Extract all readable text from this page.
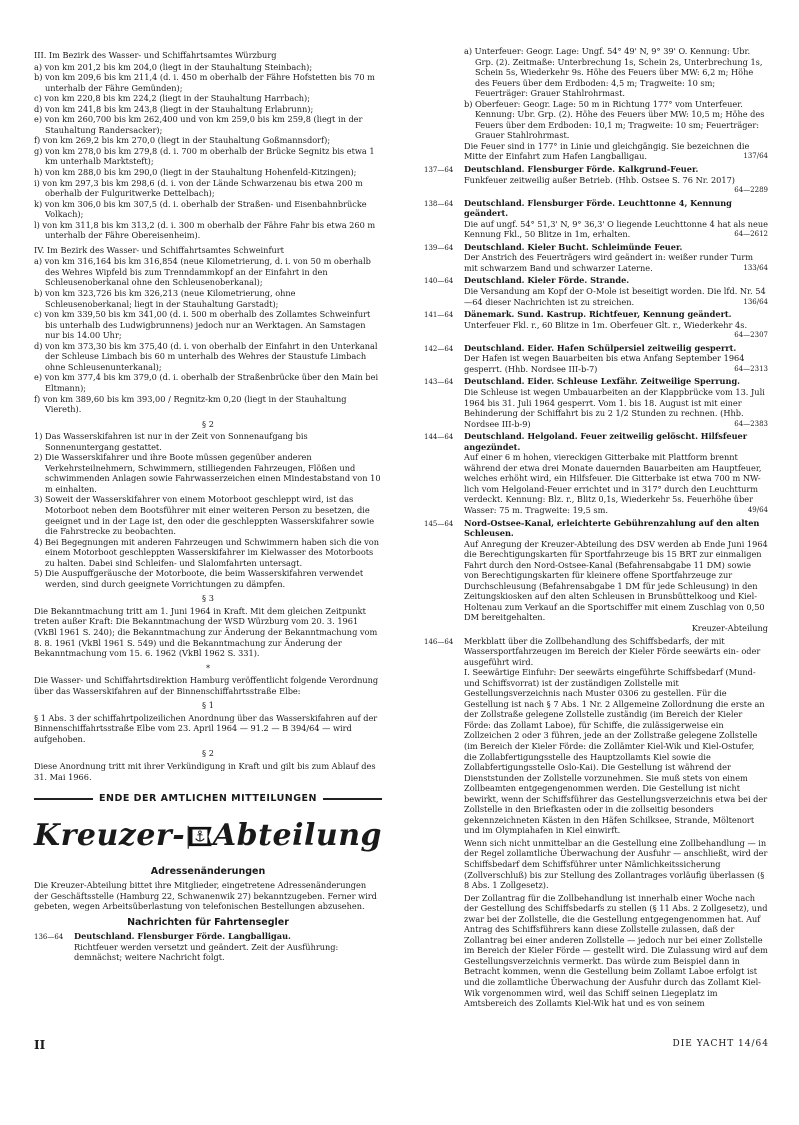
III. Im Bezirk des Wasser- und Schiffahrtsamtes Würzburg

a) von km 201,2 bis km 204,0 (liegt in der Stauhaltung Steinbach);

b) von km 209,6 bis km 211,4 (d. i. 450 m oberhalb der Fähre Hofstetten bis 70 m unterhalb der Fähre Gemünden);

c) von km 220,8 bis km 224,2 (liegt in der Stauhaltung Harrbach);

d) von km 241,8 bis km 243,8 (liegt in der Stauhaltung Erlabrunn);

e) von km 260,700 bis km 262,400 und von km 259,0 bis km 259,8 (liegt in der Stauhaltung Randersacker);

f) von km 269,2 bis km 270,0 (liegt in der Stauhaltung Goßmannsdorf);

g) von km 278,0 bis km 279,8 (d. i. 700 m oberhalb der Brücke Segnitz bis etwa 1 km unterhalb Marktsteft);

h) von km 288,0 bis km 290,0 (liegt in der Stauhaltung Hohenfeld-Kitzingen);

i) von km 297,3 bis km 298,6 (d. i. von der Lände Schwarzenau bis etwa 200 m oberhalb der Fulguritwerke Dettelbach);

k) von km 306,0 bis km 307,5 (d. i. oberhalb der Straßen- und Eisenbahnbrücke Volkach);

l) von km 311,8 bis km 313,2 (d. i. 300 m oberhalb der Fähre Fahr bis etwa 260 m unterhalb der Fähre Obereisenheim).

IV. Im Bezirk des Wasser- und Schiffahrtsamtes Schweinfurt

a) von km 316,164 bis km 316,854 (neue Kilometrierung, d. i. von 50 m oberhalb des Wehres Wipfeld bis zum Trenndammkopf an der Einfahrt in den Schleusenoberkanal ohne den Schleusenoberkanal);

b) von km 323,726 bis km 326,213 (neue Kilometrierung, ohne Schleusenoberkanal; liegt in der Stauhaltung Garstadt);

c) von km 339,50 bis km 341,00 (d. i. 500 m oberhalb des Zollamtes Schweinfurt bis unterhalb des Ludwigbrunnens) jedoch nur an Werktagen. An Samstagen nur bis 14.00 Uhr;

d) von km 373,30 bis km 375,40 (d. i. von oberhalb der Einfahrt in den Unterkanal der Schleuse Limbach bis 60 m unterhalb des Wehres der Staustufe Limbach ohne Schleusenunterkanal);

e) von km 377,4 bis km 379,0 (d. i. oberhalb der Straßenbrücke über den Main bei Eltmann);

f) von km 389,60 bis km 393,00 / Regnitz-km 0,20 (liegt in der Stauhaltung Viereth).

§ 2

1) Das Wasserskifahren ist nur in der Zeit von Sonnenaufgang bis Sonnenuntergang gestattet.

2) Die Wasserskifahrer und ihre Boote müssen gegenüber anderen Verkehrsteilnehmern, Schwimmern, stilliegenden Fahrzeugen, Flößen und schwimmenden Anlagen sowie Fahrwasserzeichen einen Mindestabstand von 10 m einhalten.

3) Soweit der Wasserskifahrer von einem Motorboot geschleppt wird, ist das Motorboot neben dem Bootsführer mit einer weiteren Person zu besetzen, die geeignet und in der Lage ist, den oder die geschleppten Wasserskifahrer sowie die Fahrstrecke zu beobachten.

4) Bei Begegnungen mit anderen Fahrzeugen und Schwimmern haben sich die von einem Motorboot geschleppten Wasserskifahrer im Kielwasser des Motorboots zu halten. Dabei sind Schleifen- und Slalomfahrten untersagt.

5) Die Auspuffgeräusche der Motorboote, die beim Wasserskifahren verwendet werden, sind durch geeignete Vorrichtungen zu dämpfen.

§ 3

Die Bekanntmachung tritt am 1. Juni 1964 in Kraft. Mit dem gleichen Zeitpunkt treten außer Kraft: Die Bekanntmachung der WSD Würzburg vom 20. 3. 1961 (VkBl 1961 S. 240); die Bekanntmachung zur Änderung der Bekanntmachung vom 8. 8. 1961 (VkBl 1961 S. 549) und die Bekanntmachung zur Änderung der Bekanntmachung vom 15. 6. 1962 (VkBl 1962 S. 331).

*

Die Wasser- und Schiffahrtsdirektion Hamburg veröffentlicht folgende Verordnung über das Wasserskifahren auf der Binnenschiffahrtsstraße Elbe:

§ 1

§ 1 Abs. 3 der schiffahrtpolizeilichen Anordnung über das Wasserskifahren auf der Binnenschiffahrtsstraße Elbe vom 23. April 1964 — 91.2 — B 394/64 — wird aufgehoben.

§ 2

Diese Anordnung tritt mit ihrer Verkündigung in Kraft und gilt bis zum Ablauf des 31. Mai 1966.

ENDE DER AMTLICHEN MITTEILUNGEN
Kreuzer- Abteilung
Adressenänderungen

Die Kreuzer-Abteilung bittet ihre Mitglieder, eingetretene Adressenänderungen der Geschäftsstelle (Hamburg 22, Schwanenwik 27) bekanntzugeben. Ferner wird gebeten, wegen Arbeitsüberlastung von telefonischen Bestellungen abzusehen.

Nachrichten für Fahrtensegler
136—64	Deutschland. Flensburger Förde. Langballigau.
Richtfeuer werden versetzt und geändert. Zeit der Ausführung: demnächst; weitere Nachricht folgt.

a) Unterfeuer: Geogr. Lage: Ungf. 54° 49' N, 9° 39' O. Kennung: Ubr. Grp. (2). Zeitmaße: Unterbrechung 1s, Schein 2s, Unterbrechung 1s, Schein 5s, Wiederkehr 9s. Höhe des Feuers über MW: 6,2 m; Höhe des Feuers über dem Erdboden: 4,5 m; Tragweite: 10 sm; Feuerträger: Grauer Stahlrohrmast.

b) Oberfeuer: Geogr. Lage: 50 m in Richtung 177° vom Unterfeuer. Kennung: Ubr. Grp. (2). Höhe des Feuers über MW: 10,5 m; Höhe des Feuers über dem Erdboden: 10,1 m; Tragweite: 10 sm; Feuerträger: Grauer Stahlrohrmast.

Die Feuer sind in 177° in Linie und gleichgängig. Sie bezeichnen die Mitte der Einfahrt zum Hafen Langballigau.	137/64

137—64	Deutschland. Flensburger Förde. Kalkgrund-Feuer.
Funkfeuer zeitweilig außer Betrieb. (Hhb. Ostsee S. 76 Nr. 2017)
64—2289
138—64	Deutschland. Flensburger Förde. Leuchttonne 4, Kennung geändert.
Die auf ungf. 54° 51,3' N, 9° 36,3' O liegende Leuchttonne 4 hat als neue Kennung Fkl., 50 Blitze in 1m, erhalten.	64—2612
139—64	Deutschland. Kieler Bucht. Schleimünde Feuer.
Der Anstrich des Feuerträgers wird geändert in: weißer runder Turm mit schwarzem Band und schwarzer Laterne.	133/64
140—64	Deutschland. Kieler Förde. Strande.
Die Versandung am Kopf der O-Mole ist beseitigt worden. Die lfd. Nr. 54—64 dieser Nachrichten ist zu streichen.	136/64
141—64	Dänemark. Sund. Kastrup. Richtfeuer, Kennung geändert.
Unterfeuer Fkl. r., 60 Blitze in 1m. Oberfeuer Glt. r., Wiederkehr 4s.
64—2307
142—64	Deutschland. Eider. Hafen Schülpersiel zeitweilig gesperrt.
Der Hafen ist wegen Bauarbeiten bis etwa Anfang September 1964 gesperrt. (Hhb. Nordsee III-b-7)	64—2313
143—64	Deutschland. Eider. Schleuse Lexfähr. Zeitweilige Sperrung.
Die Schleuse ist wegen Umbauarbeiten an der Klappbrücke vom 13. Juli 1964 bis 31. Juli 1964 gesperrt. Vom 1. bis 18. August ist mit einer Behinderung der Schiffahrt bis zu 2 1/2 Stunden zu rechnen. (Hhb. Nordsee III-b-9)	64—2383
144—64	Deutschland. Helgoland. Feuer zeitweilig gelöscht. Hilfsfeuer angezündet.
Auf einer 6 m hohen, viereckigen Gitterbake mit Plattform brennt während der etwa drei Monate dauernden Bauarbeiten am Hauptfeuer, welches erhöht wird, ein Hilfsfeuer. Die Gitterbake ist etwa 700 m NW-lich vom Helgoland-Feuer errichtet und in 317° durch den Leuchtturm verdeckt. Kennung: Blz. r., Blitz 0,1s, Wiederkehr 5s. Feuerhöhe über Wasser: 75 m. Tragweite: 19,5 sm.	49/64
145—64	Nord-Ostsee-Kanal, erleichterte Gebührenzahlung auf den alten Schleusen.
Auf Anregung der Kreuzer-Abteilung des DSV werden ab Ende Juni 1964 die Berechtigungskarten für Sportfahrzeuge bis 15 BRT zur einmaligen Fahrt durch den Nord-Ostsee-Kanal (Befahrensabgabe 11 DM) sowie von Berechtigungskarten für kleinere offene Sportfahrzeuge zur Durchschleusung (Befahrensabgabe 1 DM für jede Schleusung) in den Zeitungskiosken auf den alten Schleusen in Brunsbüttelkoog und Kiel-Holtenau zum Verkauf an die Sportschiffer mit einem Zuschlag von 0,50 DM bereitgehalten.
Kreuzer-Abteilung
146—64	Merkblatt über die Zollbehandlung des Schiffsbedarfs, der mit Wassersportfahrzeugen im Bereich der Kieler Förde seewärts ein- oder ausgeführt wird.

I. Seewärtige Einfuhr: Der seewärts eingeführte Schiffsbedarf (Mund- und Schiffsvorrat) ist der zuständigen Zollstelle mit Gestellungsverzeichnis nach Muster 0306 zu gestellen. Für die Gestellung ist nach § 7 Abs. 1 Nr. 2 Allgemeine Zollordnung die erste an der Zollstraße gelegene Zollstelle zuständig (im Bereich der Kieler Förde: das Zollamt Laboe), für Schiffe, die zulässigerweise ein Zollzeichen 2 oder 3 führen, jede an der Zollstraße gelegene Zollstelle (im Bereich der Kieler Förde: die Zollämter Kiel-Wik und Kiel-Ostufer, die Zollabfertigungsstelle des Hauptzollamts Kiel sowie die Zollabfertigungsstelle Oslo-Kai). Die Gestellung ist während der Dienststunden der Zollstelle vorzunehmen. Sie muß stets von einem Zollbeamten entgegengenommen werden. Die Gestellung ist nicht bewirkt, wenn der Schiffsführer das Gestellungsverzeichnis etwa bei der Zollstelle in den Briefkasten oder in die zollseitig besonders gekennzeichneten Kästen in den Häfen Schilksee, Strande, Möltenort und im Olympiahafen in Kiel einwirft.

Wenn sich nicht unmittelbar an die Gestellung eine Zollbehandlung — in der Regel zollamtliche Überwachung der Ausfuhr — anschließt, wird der Schiffsbedarf dem Schiffsführer unter Nämlichkeitssicherung (Zollverschluß) bis zur Stellung des Zollantrages vorläufig überlassen (§ 8 Abs. 1 Zollgesetz).

Der Zollantrag für die Zollbehandlung ist innerhalb einer Woche nach der Gestellung des Schiffsbedarfs zu stellen (§ 11 Abs. 2 Zollgesetz), und zwar bei der Zollstelle, die die Gestellung entgegengenommen hat. Auf Antrag des Schiffsführers kann diese Zollstelle zulassen, daß der Zollantrag bei einer anderen Zollstelle — jedoch nur bei einer Zollstelle im Bereich der Kieler Förde — gestellt wird. Die Zulassung wird auf dem Gestellungsverzeichnis vermerkt. Das würde zum Beispiel dann in Betracht kommen, wenn die Gestellung beim Zollamt Laboe erfolgt ist und die zollamtliche Überwachung der Ausfuhr durch das Zollamt Kiel-Wik vorgenommen wird, weil das Schiff seinen Liegeplatz im Amtsbereich des Zollamts Kiel-Wik hat und es von seinem

II	DIE YACHT 14/64
